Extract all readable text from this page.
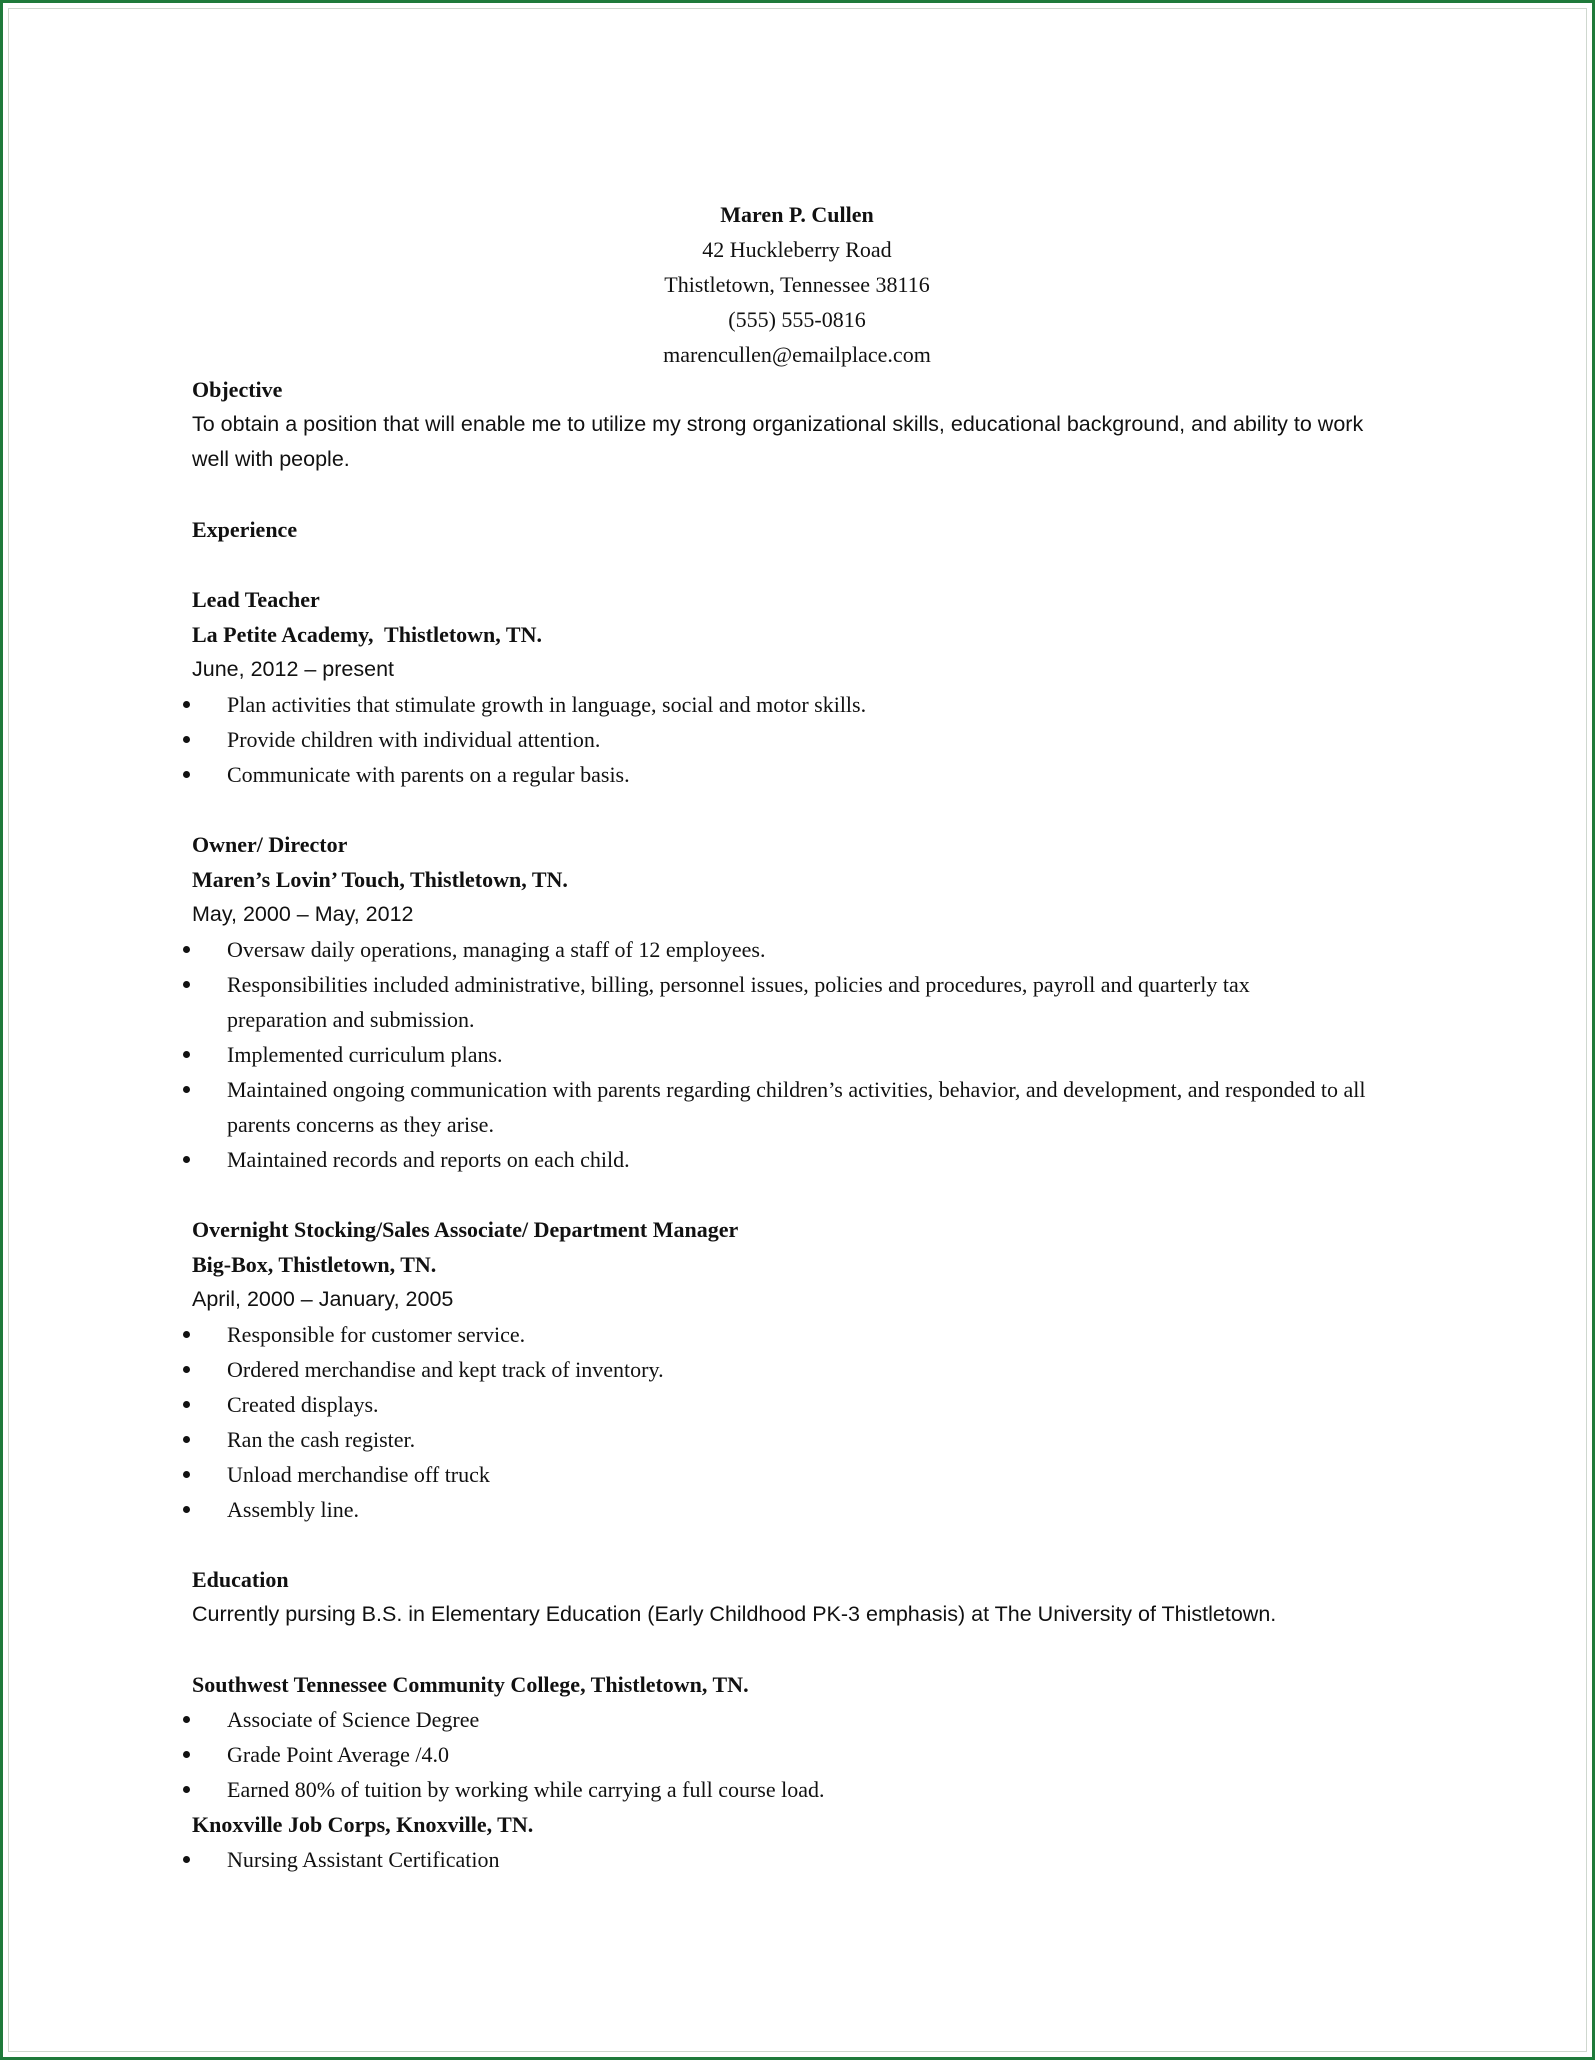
Maren P. Cullen
42 Huckleberry Road
Thistletown, Tennessee 38116
(555) 555-0816
marencullen@emailplace.com
Objective
To obtain a position that will enable me to utilize my strong organizational skills, educational background, and ability to work well with people.
Experience
Lead Teacher
La Petite Academy,  Thistletown, TN.
June, 2012 – present
Plan activities that stimulate growth in language, social and motor skills.
Provide children with individual attention.
Communicate with parents on a regular basis.
Owner/ Director
Maren’s Lovin’ Touch, Thistletown, TN.
May, 2000 – May, 2012
Oversaw daily operations, managing a staff of 12 employees.
Responsibilities included administrative, billing, personnel issues, policies and procedures, payroll and quarterly tax preparation and submission.
Implemented curriculum plans.
Maintained ongoing communication with parents regarding children’s activities, behavior, and development, and responded to all parents concerns as they arise.
Maintained records and reports on each child.
Overnight Stocking/Sales Associate/ Department Manager
Big-Box, Thistletown, TN.
April, 2000 – January, 2005
Responsible for customer service.
Ordered merchandise and kept track of inventory.
Created displays.
Ran the cash register.
Unload merchandise off truck
Assembly line.
Education
Currently pursing B.S. in Elementary Education (Early Childhood PK-3 emphasis) at The University of Thistletown.
Southwest Tennessee Community College, Thistletown, TN.
Associate of Science Degree
Grade Point Average /4.0
Earned 80% of tuition by working while carrying a full course load.
Knoxville Job Corps, Knoxville, TN.
Nursing Assistant Certification
